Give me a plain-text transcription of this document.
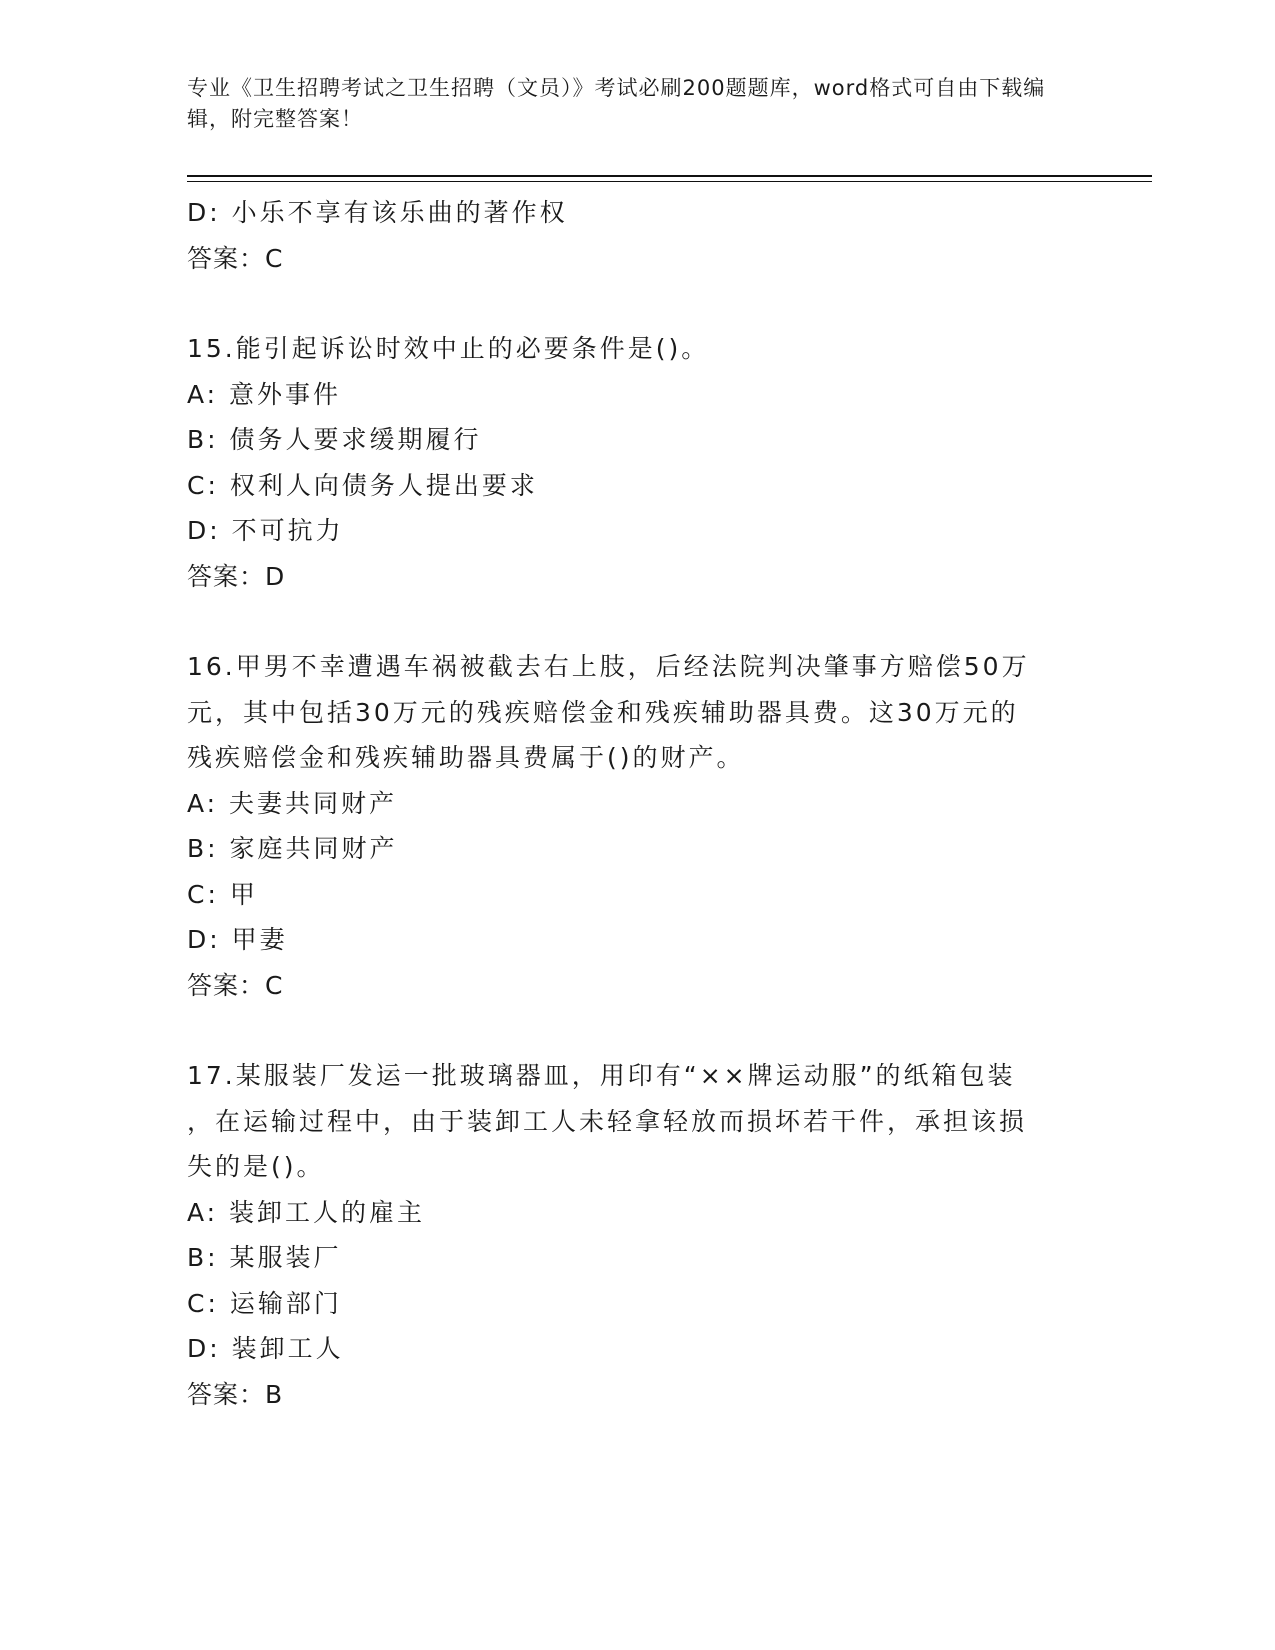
专业《卫生招聘考试之卫生招聘（文员）》考试必刷200题题库，word格式可自由下载编辑，附完整答案！
D: 小乐不享有该乐曲的著作权
答案：C
15.能引起诉讼时效中止的必要条件是()。
A: 意外事件
B: 债务人要求缓期履行
C: 权利人向债务人提出要求
D: 不可抗力
答案：D
16.甲男不幸遭遇车祸被截去右上肢，后经法院判决肇事方赔偿50万
元，其中包括30万元的残疾赔偿金和残疾辅助器具费。这30万元的
残疾赔偿金和残疾辅助器具费属于()的财产。
A: 夫妻共同财产
B: 家庭共同财产
C: 甲
D: 甲妻
答案：C
17.某服装厂发运一批玻璃器皿，用印有“××牌运动服”的纸箱包装
，在运输过程中，由于装卸工人未轻拿轻放而损坏若干件，承担该损
失的是()。
A: 装卸工人的雇主
B: 某服装厂
C: 运输部门
D: 装卸工人
答案：B
